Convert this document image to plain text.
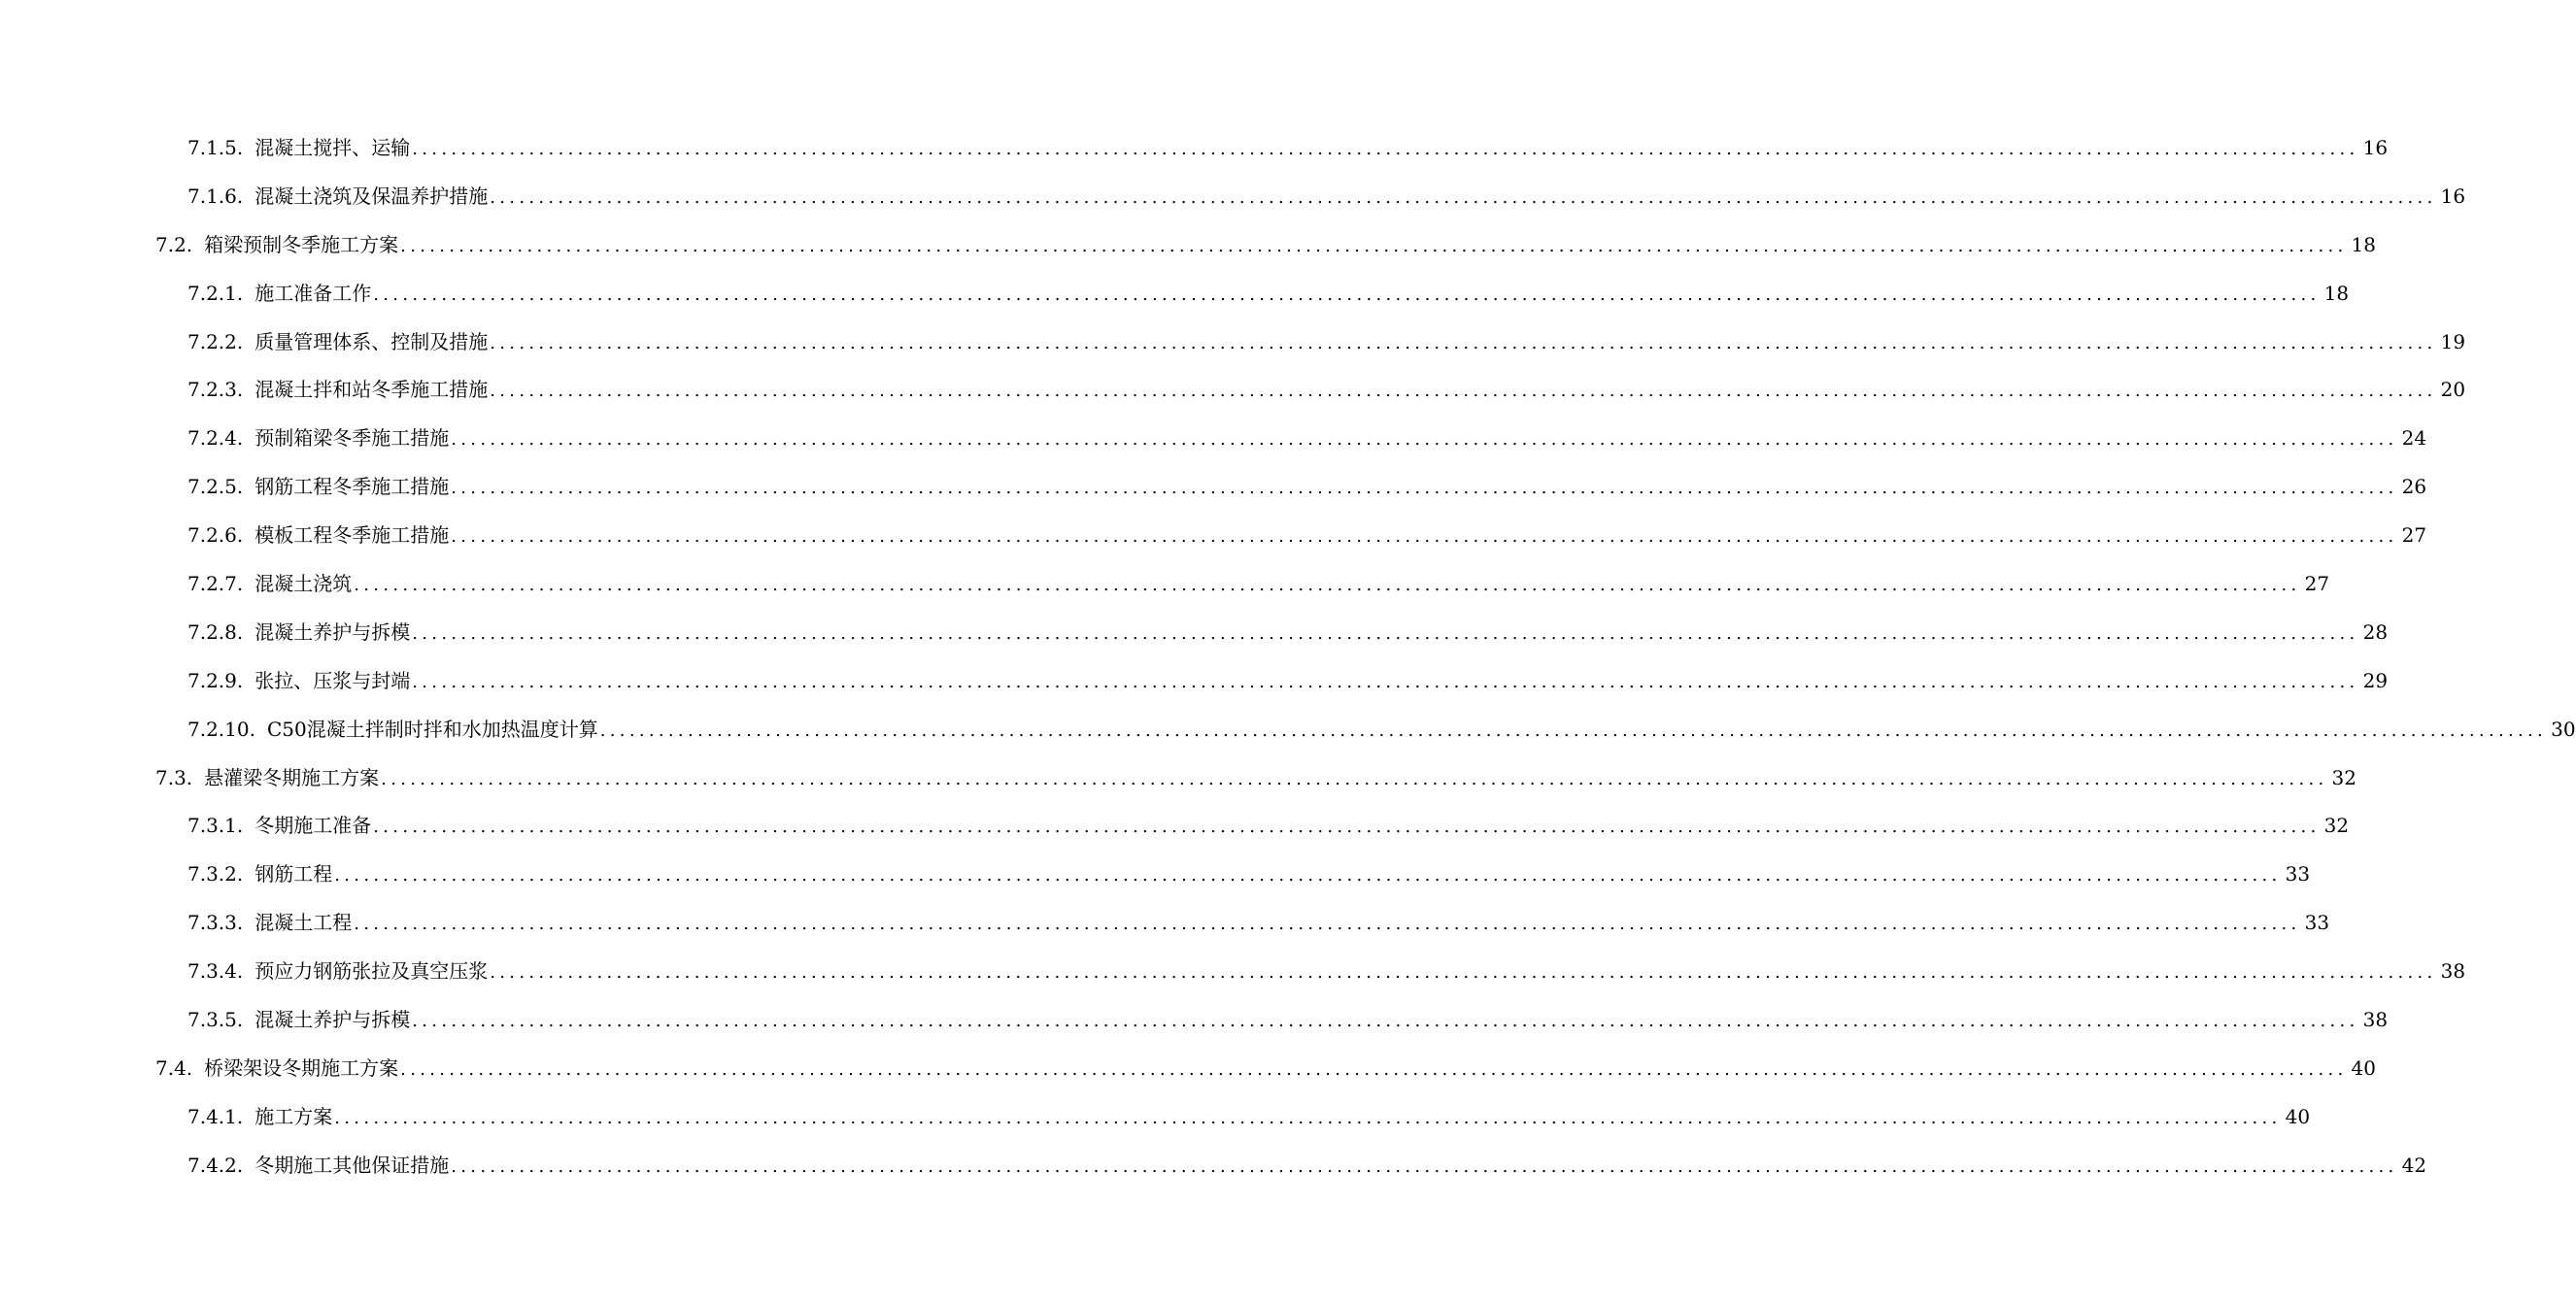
7.1.5. 混凝土搅拌、运输 ........................................................................................................................................................................................................ 16
7.1.6. 混凝土浇筑及保温养护措施 ........................................................................................................................................................................................................ 16
7.2. 箱梁预制冬季施工方案 ........................................................................................................................................................................................................ 18
7.2.1. 施工准备工作 ........................................................................................................................................................................................................ 18
7.2.2. 质量管理体系、控制及措施 ........................................................................................................................................................................................................ 19
7.2.3. 混凝土拌和站冬季施工措施 ........................................................................................................................................................................................................ 20
7.2.4. 预制箱梁冬季施工措施 ........................................................................................................................................................................................................ 24
7.2.5. 钢筋工程冬季施工措施 ........................................................................................................................................................................................................ 26
7.2.6. 模板工程冬季施工措施 ........................................................................................................................................................................................................ 27
7.2.7. 混凝土浇筑 ........................................................................................................................................................................................................ 27
7.2.8. 混凝土养护与拆模 ........................................................................................................................................................................................................ 28
7.2.9. 张拉、压浆与封端 ........................................................................................................................................................................................................ 29
7.2.10. C50混凝土拌制时拌和水加热温度计算 ........................................................................................................................................................................................................ 30
7.3. 悬灌梁冬期施工方案 ........................................................................................................................................................................................................ 32
7.3.1. 冬期施工准备 ........................................................................................................................................................................................................ 32
7.3.2. 钢筋工程 ........................................................................................................................................................................................................ 33
7.3.3. 混凝土工程 ........................................................................................................................................................................................................ 33
7.3.4. 预应力钢筋张拉及真空压浆 ........................................................................................................................................................................................................ 38
7.3.5. 混凝土养护与拆模 ........................................................................................................................................................................................................ 38
7.4. 桥梁架设冬期施工方案 ........................................................................................................................................................................................................ 40
7.4.1. 施工方案 ........................................................................................................................................................................................................ 40
7.4.2. 冬期施工其他保证措施 ........................................................................................................................................................................................................ 42
